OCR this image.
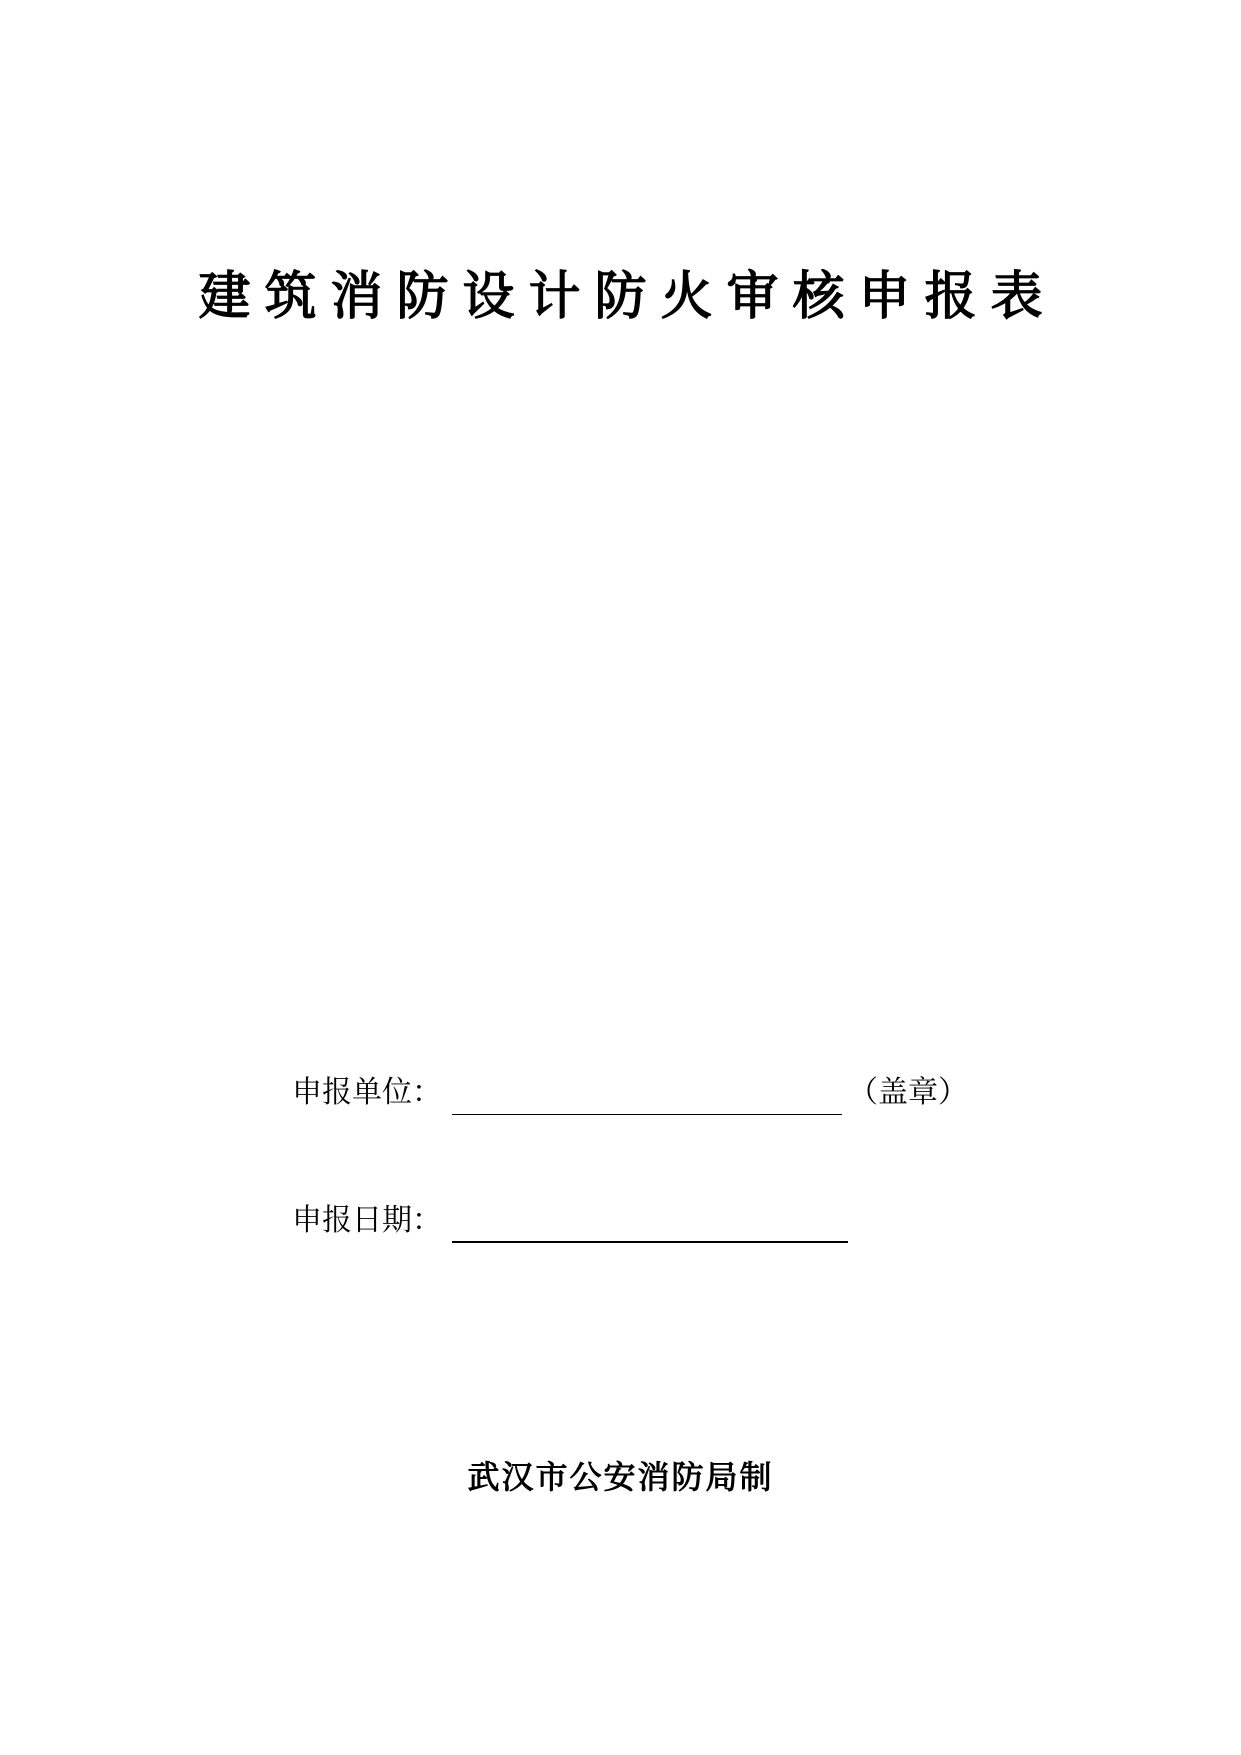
建筑消防设计防火审核申报表
申报单位：	（盖章）
申报日期：
武汉市公安消防局制
